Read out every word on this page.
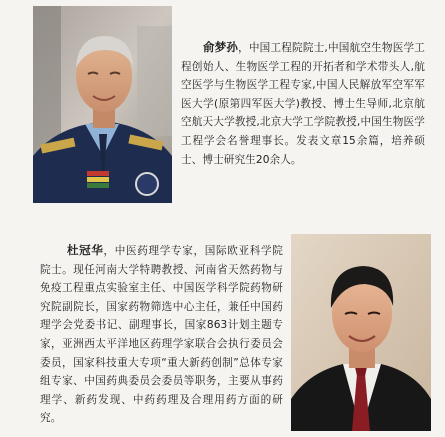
俞梦孙，中国工程院院士,中国航空生物医学工程创始人、生物医学工程的开拓者和学术带头人,航空医学与生物医学工程专家,中国人民解放军空军军医大学(原第四军医大学)教授、博士生导师,北京航空航天大学教授,北京大学工学院教授,中国生物医学工程学会名誉理事长。发表文章15余篇，培养硕士、博士研究生20余人。

杜冠华，中医药理学专家，国际欧亚科学院院士。现任河南大学特聘教授、河南省天然药物与免疫工程重点实验室主任、中国医学科学院药物研究院副院长，国家药物筛选中心主任，兼任中国药理学会党委书记、副理事长，国家863计划主题专家，亚洲西太平洋地区药理学家联合会执行委员会委员，国家科技重大专项“重大新药创制”总体专家组专家、中国药典委员会委员等职务，主要从事药理学、新药发现、中药药理及合理用药方面的研究。
